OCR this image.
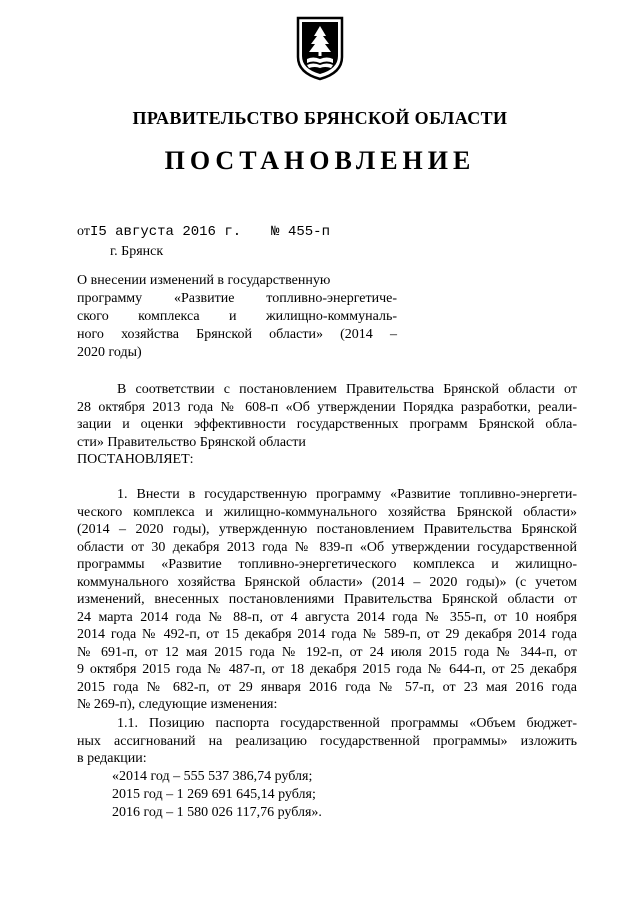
ПРАВИТЕЛЬСТВО БРЯНСКОЙ ОБЛАСТИ
ПОСТАНОВЛЕНИЕ
отI5 августа 2016 г. № 455-п
г. Брянск
О внесении изменений в государственную
программу «Развитие топливно-энергетиче-
ского комплекса и жилищно-коммуналь-
ного хозяйства Брянской области» (2014 –
2020 годы)
В соответствии с постановлением Правительства Брянской области от
28 октября 2013 года № 608-п «Об утверждении Порядка разработки, реали-
зации и оценки эффективности государственных программ Брянской обла-
сти» Правительство Брянской области
ПОСТАНОВЛЯЕТ:
1. Внести в государственную программу «Развитие топливно-энергети-
ческого комплекса и жилищно-коммунального хозяйства Брянской области»
(2014 – 2020 годы), утвержденную постановлением Правительства Брянской
области от 30 декабря 2013 года № 839-п «Об утверждении государственной
программы «Развитие топливно-энергетического комплекса и жилищно-
коммунального хозяйства Брянской области» (2014 – 2020 годы)» (с учетом
изменений, внесенных постановлениями Правительства Брянской области от
24 марта 2014 года № 88-п, от 4 августа 2014 года № 355-п, от 10 ноября
2014 года № 492-п, от 15 декабря 2014 года № 589-п, от 29 декабря 2014 года
№ 691-п, от 12 мая 2015 года № 192-п, от 24 июля 2015 года № 344-п, от
9 октября 2015 года № 487-п, от 18 декабря 2015 года № 644-п, от 25 декабря
2015 года № 682-п, от 29 января 2016 года № 57-п, от 23 мая 2016 года
№ 269-п), следующие изменения:
1.1. Позицию паспорта государственной программы «Объем бюджет-
ных ассигнований на реализацию государственной программы» изложить
в редакции:
«2014 год – 555 537 386,74 рубля;
2015 год – 1 269 691 645,14 рубля;
2016 год – 1 580 026 117,76 рубля».
